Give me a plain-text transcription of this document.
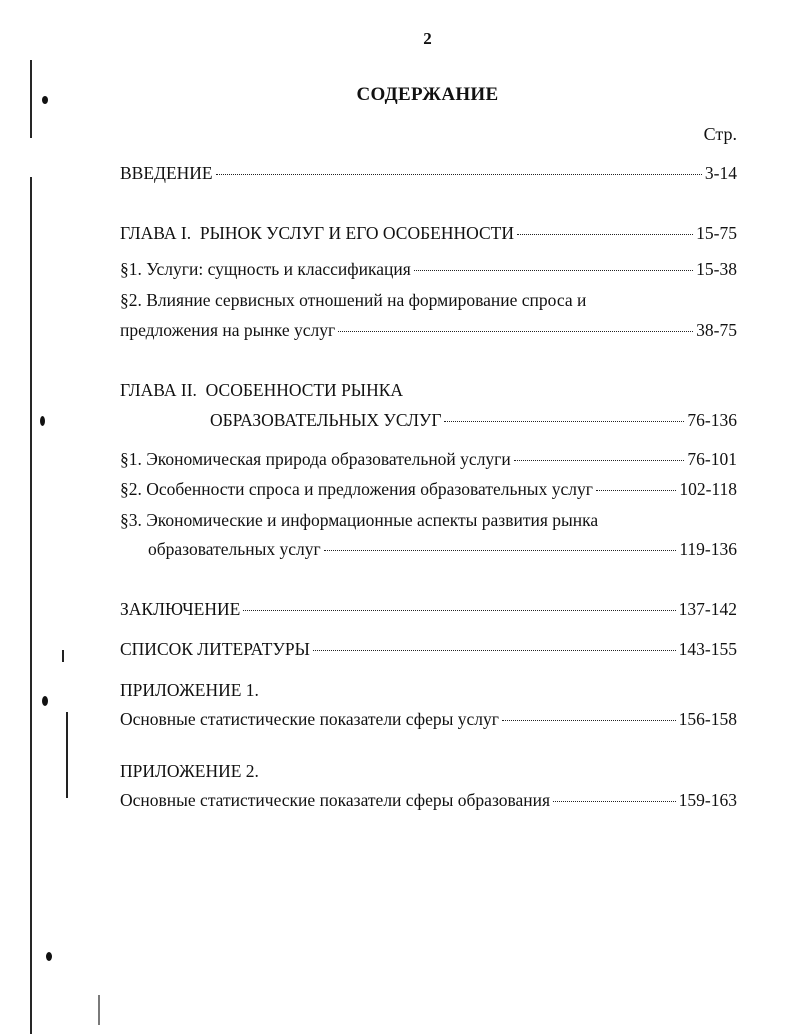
2
СОДЕРЖАНИЕ
Стр.
ВВЕДЕНИЕ	3-14
ГЛАВА I.  РЫНОК УСЛУГ И ЕГО ОСОБЕННОСТИ	15-75
§1. Услуги: сущность и классификация	15-38
§2. Влияние сервисных отношений на формирование спроса и
предложения на рынке услуг	38-75
ГЛАВА II.  ОСОБЕННОСТИ РЫНКА
ОБРАЗОВАТЕЛЬНЫХ УСЛУГ	76-136
§1. Экономическая природа образовательной услуги	76-101
§2. Особенности спроса и предложения образовательных услуг	102-118
§3. Экономические и информационные аспекты развития рынка
образовательных услуг	119-136
ЗАКЛЮЧЕНИЕ	137-142
СПИСОК ЛИТЕРАТУРЫ	143-155
ПРИЛОЖЕНИЕ 1.
Основные статистические показатели сферы услуг	156-158
ПРИЛОЖЕНИЕ 2.
Основные статистические показатели сферы образования	159-163
